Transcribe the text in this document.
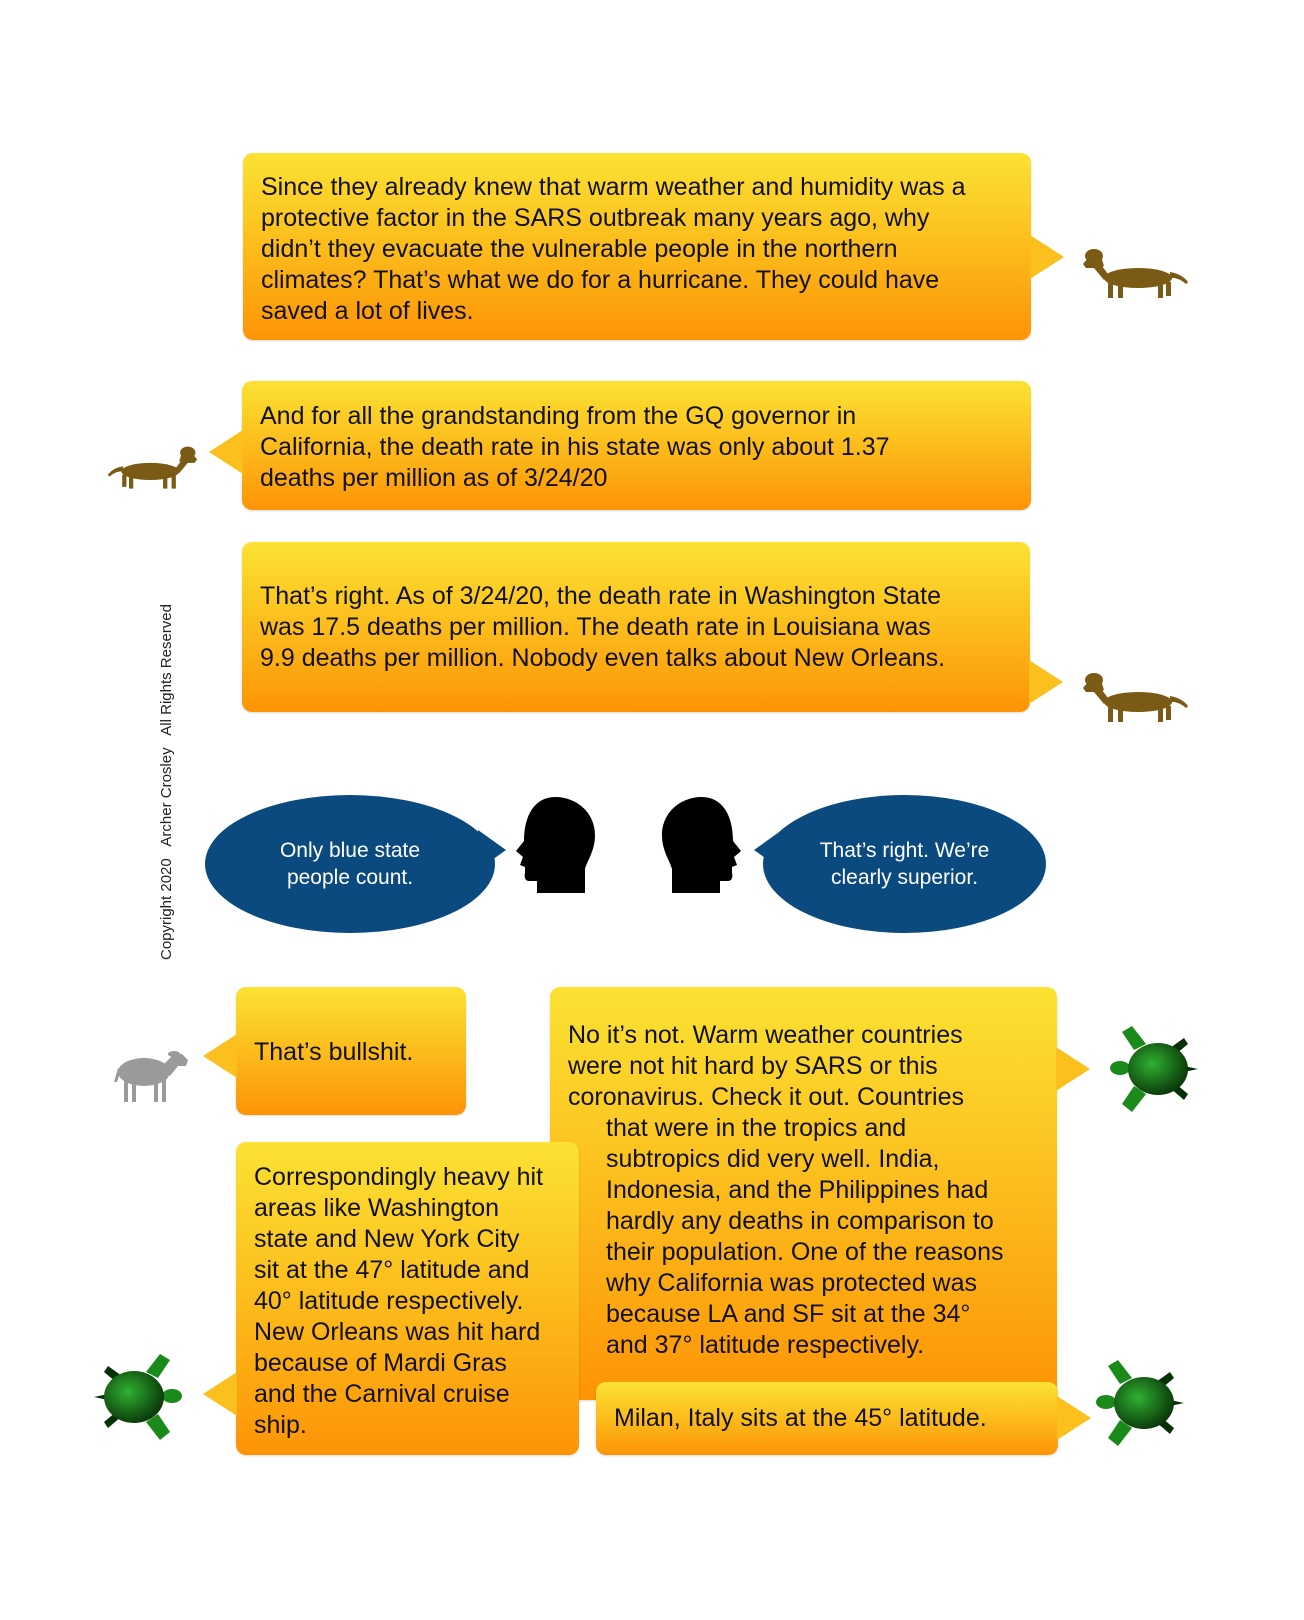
Copyright 2020   Archer Crosley   All Rights Reserved
Since they already knew that warm weather and humidity was a
protective factor in the SARS outbreak many years ago, why
didn’t they evacuate the vulnerable people in the northern
climates? That’s what we do for a hurricane. They could have
saved a lot of lives.
And for all the grandstanding from the GQ governor in
California, the death rate in his state was only about 1.37
deaths per million as of 3/24/20
That’s right. As of 3/24/20, the death rate in Washington State
was 17.5 deaths per million. The death rate in Louisiana was
9.9 deaths per million. Nobody even talks about New Orleans.
Only blue state
people count.
That’s right. We’re
clearly superior.
That’s bullshit.
No it’s not. Warm weather countries
were not hit hard by SARS or this
coronavirus. Check it out. Countries
that were in the tropics and
subtropics did very well. India,
Indonesia, and the Philippines had
hardly any deaths in comparison to
their population. One of the reasons
why California was protected was
because LA and SF sit at the 34°
and 37° latitude respectively.
Correspondingly heavy hit
areas like Washington
state and New York City
sit at the 47° latitude and
40° latitude respectively.
New Orleans was hit hard
because of Mardi Gras
and the Carnival cruise
ship.	Milan, Italy sits at the 45° latitude.
